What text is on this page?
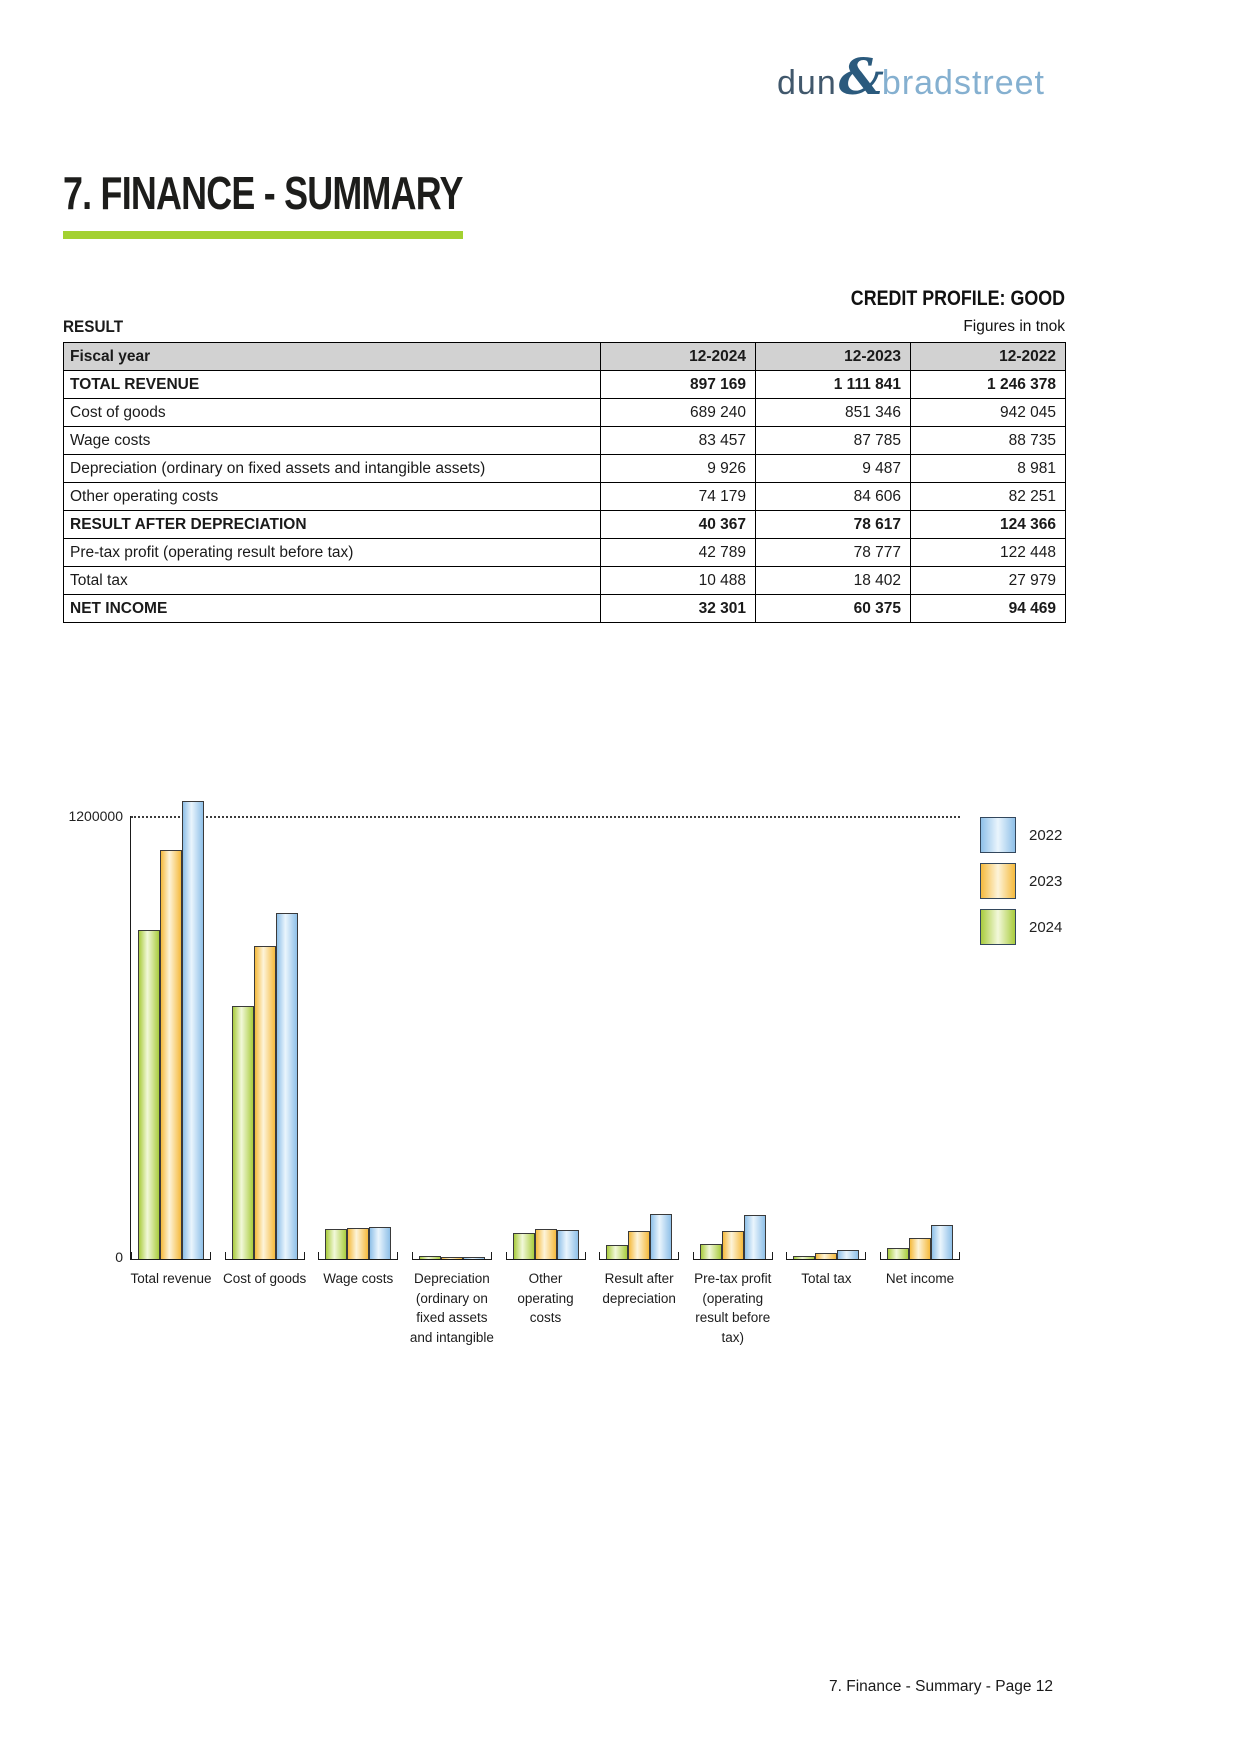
dun &
bradstreet
7. FINANCE - SUMMARY
CREDIT PROFILE: GOOD
RESULT	Figures in tnok
Fiscal year	12-2024	12-2023	12-2022
TOTAL REVENUE	897 169	1 111 841	1 246 378
Cost of goods	689 240	851 346	942 045
Wage costs	83 457	87 785	88 735
Depreciation (ordinary on fixed assets and intangible assets)	9 926	9 487	8 981
Other operating costs	74 179	84 606	82 251
RESULT AFTER DEPRECIATION	40 367	78 617	124 366
Pre-tax profit (operating result before tax)	42 789	78 777	122 448
Total tax	10 488	18 402	27 979
NET INCOME	32 301	60 375	94 469
1200000
0
Total revenue Cost of goods	Wage costs	Depreciation
(ordinary on
fixed assets
and intangible
Other
operating
costs
Result after
depreciation
Pre-tax profit
(operating
result before
tax)
Total tax	Net income
2022
2023
2024
7. Finance - Summary - Page 12
